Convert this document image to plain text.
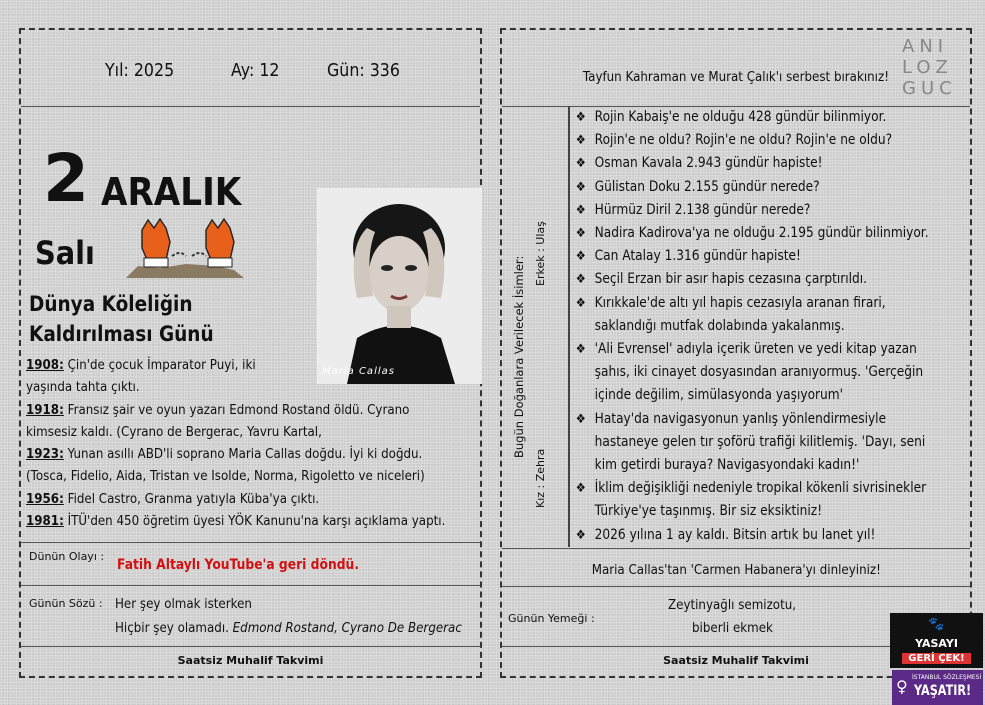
Yıl: 2025	Ay: 12	Gün: 336
2 ARALIK
Salı
Dünya Köleliğin
Kaldırılması Günü
1908: Çin'de çocuk İmparator Puyi, iki
yaşında tahta çıktı.
1918: Fransız şair ve oyun yazarı Edmond Rostand öldü. Cyrano
kimsesiz kaldı. (Cyrano de Bergerac, Yavru Kartal,
1923: Yunan asıllı ABD'li soprano Maria Callas doğdu. İyi ki doğdu.
(Tosca, Fidelio, Aida, Tristan ve Isolde, Norma, Rigoletto ve niceleri)
1956: Fidel Castro, Granma yatıyla Küba'ya çıktı.
1981: İTÜ'den 450 öğretim üyesi YÖK Kanunu'na karşı açıklama yaptı.
Dünün Olayı :
Fatih Altaylı YouTube'a geri döndü.
Günün Sözü : Her şey olmak isterken
Hiçbir şey olamadı. Edmond Rostand, Cyrano De Bergerac
Saatsiz Muhalif Takvimi
Maria Callas
Tayfun Kahraman ve Murat Çalık'ı serbest bırakınız!
Bugün Doğanlara Verilecek İsimler:
Erkek : Ulaş
Kız : Zehra
❖ Rojin Kabaiş'e ne olduğu 428 gündür bilinmiyor.
❖ Rojin'e ne oldu? Rojin'e ne oldu? Rojin'e ne oldu?
❖ Osman Kavala 2.943 gündür hapiste!
❖ Gülistan Doku 2.155 gündür nerede?
❖ Hürmüz Diril 2.138 gündür nerede?
❖ Nadira Kadirova'ya ne olduğu 2.195 gündür bilinmiyor.
❖ Can Atalay 1.316 gündür hapiste!
❖ Seçil Erzan bir asır hapis cezasına çarptırıldı.
❖ Kırıkkale'de altı yıl hapis cezasıyla aranan firari,
saklandığı mutfak dolabında yakalanmış.
❖ 'Ali Evrensel' adıyla içerik üreten ve yedi kitap yazan
şahıs, iki cinayet dosyasından aranıyormuş. 'Gerçeğin
içinde değilim, simülasyonda yaşıyorum'
❖ Hatay'da navigasyonun yanlış yönlendirmesiyle
hastaneye gelen tır şoförü trafiği kilitlemiş. 'Dayı, seni
kim getirdi buraya? Navigasyondaki kadın!'
❖ İklim değişikliği nedeniyle tropikal kökenli sivrisinekler
Türkiye'ye taşınmış. Bir siz eksiktiniz!
❖ 2026 yılına 1 ay kaldı. Bitsin artık bu lanet yıl!
Maria Callas'tan 'Carmen Habanera'yı dinleyiniz!
Günün Yemeği :
Zeytinyağlı semizotu,
biberli ekmek
Saatsiz Muhalif Takvimi
ANI
LOZ
GUC
YASAYI
GERİ ÇEK!
🐾
♀ İSTANBUL SÖZLEŞMESİ
YAŞATIR!
